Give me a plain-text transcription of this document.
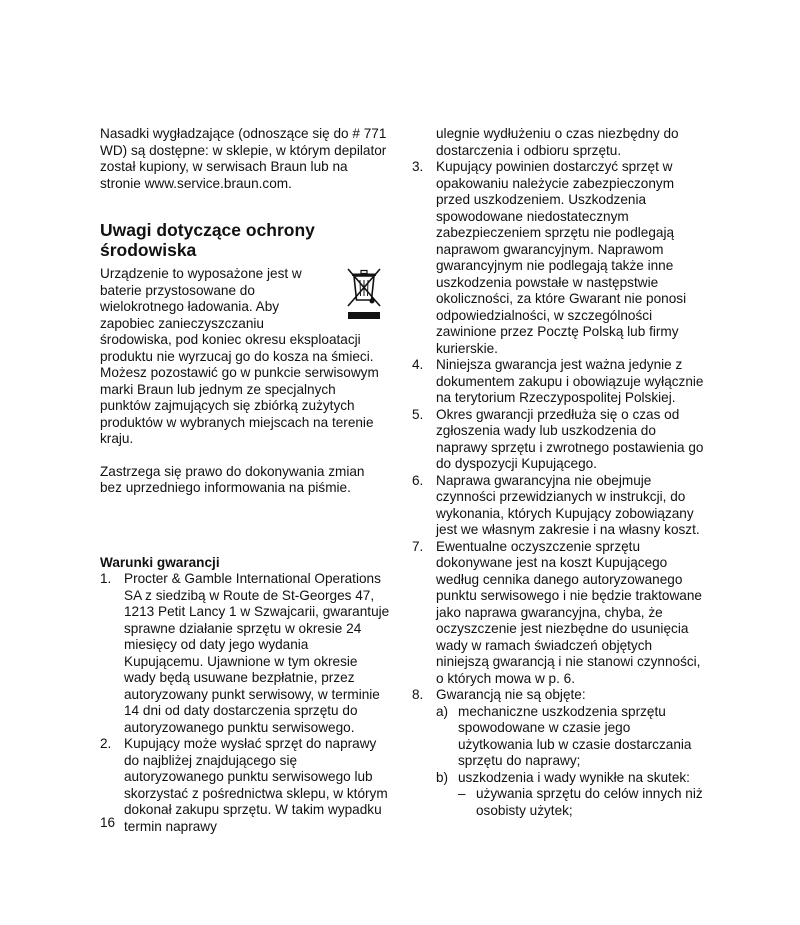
Nasadki wygładzające (odnoszące się do # 771 WD) są dostępne: w sklepie, w którym depilator został kupiony, w serwisach Braun lub na stronie www.service.braun.com.

Uwagi dotyczące ochrony środowiska

Urządzenie to wyposażone jest w baterie przystosowane do wielokrotnego ładowania. Aby zapobiec zanieczyszczaniu środowiska, pod koniec okresu eksploatacji produktu nie wyrzucaj go do kosza na śmieci. Możesz pozostawić go w punkcie serwisowym marki Braun lub jednym ze specjalnych punktów zajmujących się zbiórką zużytych produktów w wybranych miejscach na terenie kraju.

Zastrzega się prawo do dokonywania zmian bez uprzedniego informowania na piśmie.

Warunki gwarancji
1. Procter & Gamble International Operations SA z siedzibą w Route de St-Georges 47, 1213 Petit Lancy 1 w Szwajcarii, gwarantuje sprawne działanie sprzętu w okresie 24 miesięcy od daty jego wydania Kupującemu. Ujawnione w tym okresie wady będą usuwane bezpłatnie, przez autoryzowany punkt serwisowy, w terminie 14 dni od daty dostarczenia sprzętu do autoryzowanego punktu serwisowego.
2. Kupujący może wysłać sprzęt do naprawy do najbliżej znajdującego się autoryzowanego punktu serwisowego lub skorzystać z pośrednictwa sklepu, w którym dokonał zakupu sprzętu. W takim wypadku termin naprawy
16

ulegnie wydłużeniu o czas niezbędny do dostarczenia i odbioru sprzętu.

3. Kupujący powinien dostarczyć sprzęt w opakowaniu należycie zabezpieczonym przed uszkodzeniem. Uszkodzenia spowodowane niedostatecznym zabezpieczeniem sprzętu nie podlegają naprawom gwarancyjnym. Naprawom gwarancyjnym nie podlegają także inne uszkodzenia powstałe w następstwie okoliczności, za które Gwarant nie ponosi odpowiedzialności, w szczególności zawinione przez Pocztę Polską lub firmy kurierskie.
4. Niniejsza gwarancja jest ważna jedynie z dokumentem zakupu i obowiązuje wyłącznie na terytorium Rzeczypospolitej Polskiej.
5. Okres gwarancji przedłuża się o czas od zgłoszenia wady lub uszkodzenia do naprawy sprzętu i zwrotnego postawienia go do dyspozycji Kupującego.
6. Naprawa gwarancyjna nie obejmuje czynności przewidzianych w instrukcji, do wykonania, których Kupujący zobowiązany jest we własnym zakresie i na własny koszt.
7. Ewentualne oczyszczenie sprzętu dokonywane jest na koszt Kupującego według cennika danego autoryzowanego punktu serwisowego i nie będzie traktowane jako naprawa gwarancyjna, chyba, że oczyszczenie jest niezbędne do usunięcia wady w ramach świadczeń objętych niniejszą gwarancją i nie stanowi czynności, o których mowa w p. 6.
8. Gwarancją nie są objęte:
a) mechaniczne uszkodzenia sprzętu spowodowane w czasie jego użytkowania lub w czasie dostarczania sprzętu do naprawy;
b) uszkodzenia i wady wynikłe na skutek:
– używania sprzętu do celów innych niż osobisty użytek;
